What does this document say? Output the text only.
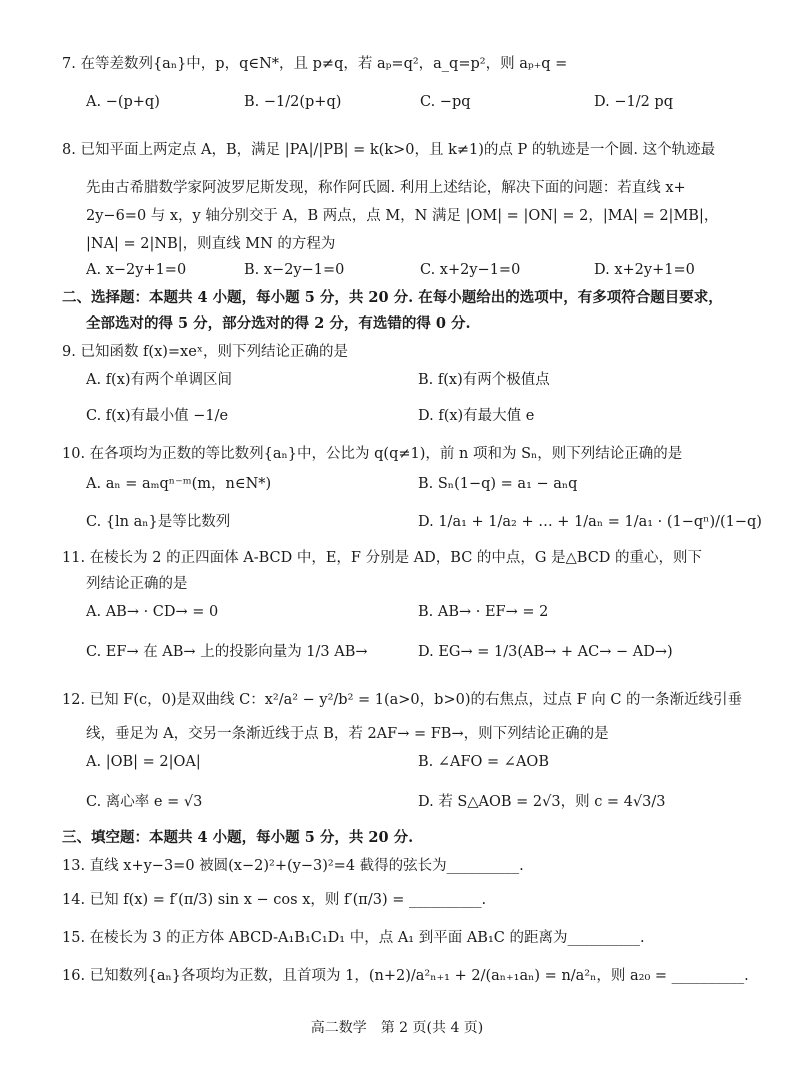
7. 在等差数列{aₙ}中，p，q∈N*，且 p≠q，若 aₚ=q²，a_q=p²，则 aₚ₊q =
A. −(p+q)	B. −1/2(p+q)	C. −pq	D. −1/2 pq
8. 已知平面上两定点 A，B，满足 |PA|/|PB| = k(k>0，且 k≠1)的点 P 的轨迹是一个圆. 这个轨迹最
先由古希腊数学家阿波罗尼斯发现，称作阿氏圆. 利用上述结论，解决下面的问题：若直线 x+
2y−6=0 与 x，y 轴分别交于 A，B 两点，点 M，N 满足 |OM| = |ON| = 2，|MA| = 2|MB|，
|NA| = 2|NB|，则直线 MN 的方程为
A. x−2y+1=0	B. x−2y−1=0	C. x+2y−1=0	D. x+2y+1=0
二、选择题：本题共 4 小题，每小题 5 分，共 20 分. 在每小题给出的选项中，有多项符合题目要求，
全部选对的得 5 分，部分选对的得 2 分，有选错的得 0 分.
9. 已知函数 f(x)=xeˣ，则下列结论正确的是
A. f(x)有两个单调区间	B. f(x)有两个极值点
C. f(x)有最小值 −1/e	D. f(x)有最大值 e
10. 在各项均为正数的等比数列{aₙ}中，公比为 q(q≠1)，前 n 项和为 Sₙ，则下列结论正确的是
A. aₙ = aₘqⁿ⁻ᵐ(m，n∈N*)	B. Sₙ(1−q) = a₁ − aₙq
C. {ln aₙ}是等比数列	D. 1/a₁ + 1/a₂ + … + 1/aₙ = 1/a₁ · (1−qⁿ)/(1−q)
11. 在棱长为 2 的正四面体 A-BCD 中，E，F 分别是 AD，BC 的中点，G 是△BCD 的重心，则下
列结论正确的是
A. AB→ · CD→ = 0	B. AB→ · EF→ = 2
C. EF→ 在 AB→ 上的投影向量为 1/3 AB→	D. EG→ = 1/3(AB→ + AC→ − AD→)
12. 已知 F(c，0)是双曲线 C：x²/a² − y²/b² = 1(a>0，b>0)的右焦点，过点 F 向 C 的一条渐近线引垂
线，垂足为 A，交另一条渐近线于点 B，若 2AF→ = FB→，则下列结论正确的是
A. |OB| = 2|OA|	B. ∠AFO = ∠AOB
C. 离心率 e = √3	D. 若 S△AOB = 2√3，则 c = 4√3/3
三、填空题：本题共 4 小题，每小题 5 分，共 20 分.
13. 直线 x+y−3=0 被圆(x−2)²+(y−3)²=4 截得的弦长为__________.
14. 已知 f(x) = f′(π/3) sin x − cos x，则 f′(π/3) = __________.
15. 在棱长为 3 的正方体 ABCD-A₁B₁C₁D₁ 中，点 A₁ 到平面 AB₁C 的距离为__________.
16. 已知数列{aₙ}各项均为正数，且首项为 1，(n+2)/a²ₙ₊₁ + 2/(aₙ₊₁aₙ) = n/a²ₙ，则 a₂₀ = __________.
高二数学　第 2 页(共 4 页)
